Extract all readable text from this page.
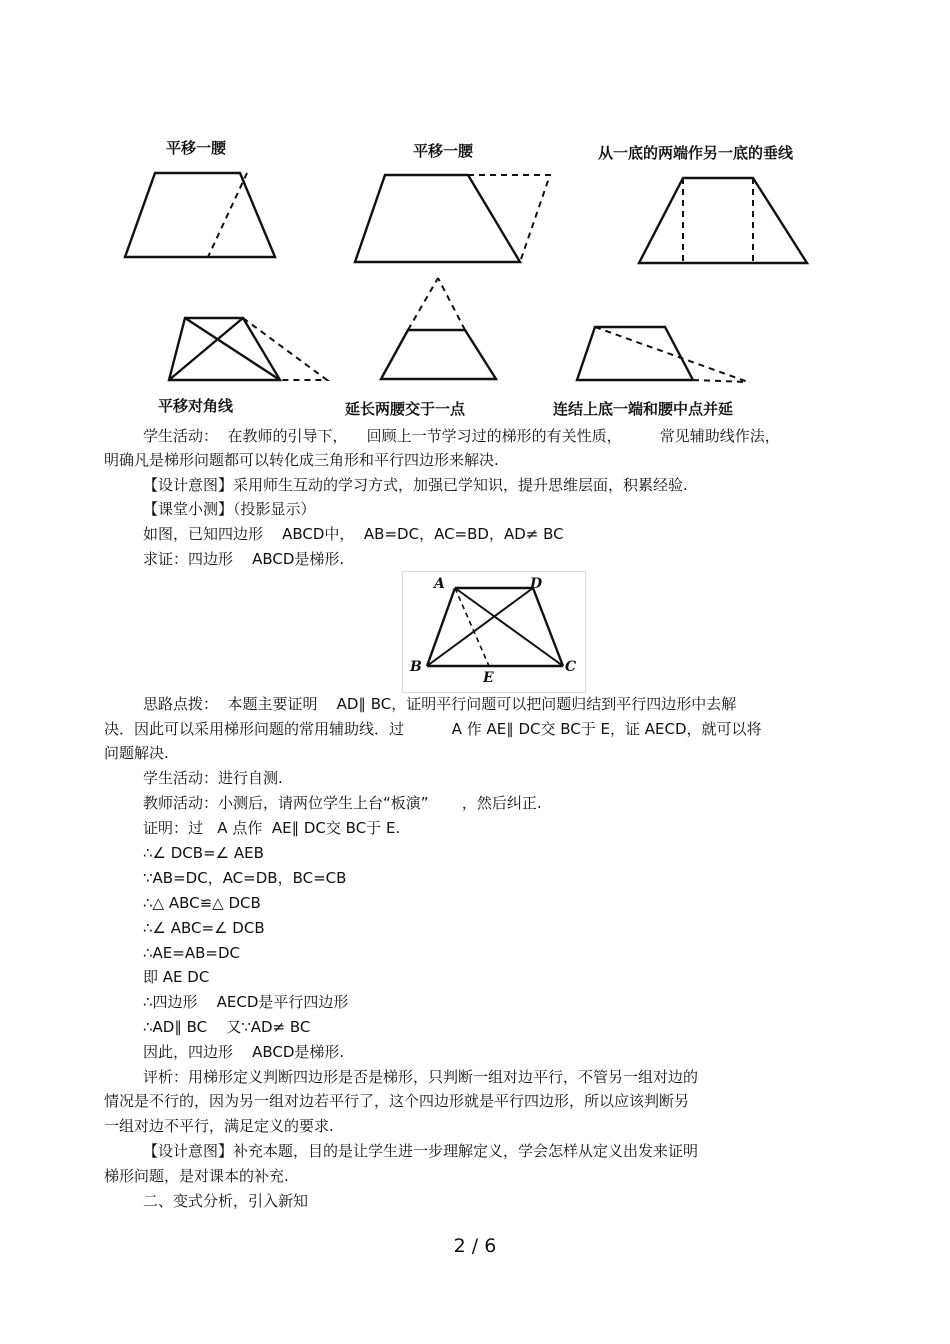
平移一腰	平移一腰	从一底的两端作另一底的垂线
平移对角线	延长两腰交于一点	连结上底一端和腰中点并延
学生活动：  在教师的引导下，    回顾上一节学习过的梯形的有关性质，        常见辅助线作法，
明确凡是梯形问题都可以转化成三角形和平行四边形来解决.
【设计意图】采用师生互动的学习方式，加强已学知识，提升思维层面，积累经验.
【课堂小测】（投影显示）
如图，已知四边形    ABCD中，  AB=DC，AC=BD，AD≠ BC
求证：四边形    ABCD是梯形.
A	D
B
E
C
思路点拨：  本题主要证明    AD∥ BC，证明平行问题可以把问题归结到平行四边形中去解
决．因此可以采用梯形问题的常用辅助线．过          A 作 AE∥ DC交 BC于 E，证 AECD，就可以将
问题解决.
学生活动：进行自测.
教师活动：小测后，请两位学生上台“板演”       ，然后纠正.
证明：过   A 点作  AE∥ DC交 BC于 E.
∴∠ DCB=∠ AEB
∵AB=DC，AC=DB，BC=CB
∴△ ABC≌△ DCB
∴∠ ABC=∠ DCB
∴AE=AB=DC
即 AE DC
∴四边形    AECD是平行四边形
∴AD∥ BC    又∵AD≠ BC
因此，四边形    ABCD是梯形.
评析：用梯形定义判断四边形是否是梯形，只判断一组对边平行，不管另一组对边的
情况是不行的，因为另一组对边若平行了，这个四边形就是平行四边形，所以应该判断另
一组对边不平行，满足定义的要求.
【设计意图】补充本题，目的是让学生进一步理解定义，学会怎样从定义出发来证明
梯形问题，是对课本的补充.
二、变式分析，引入新知
2 / 6
